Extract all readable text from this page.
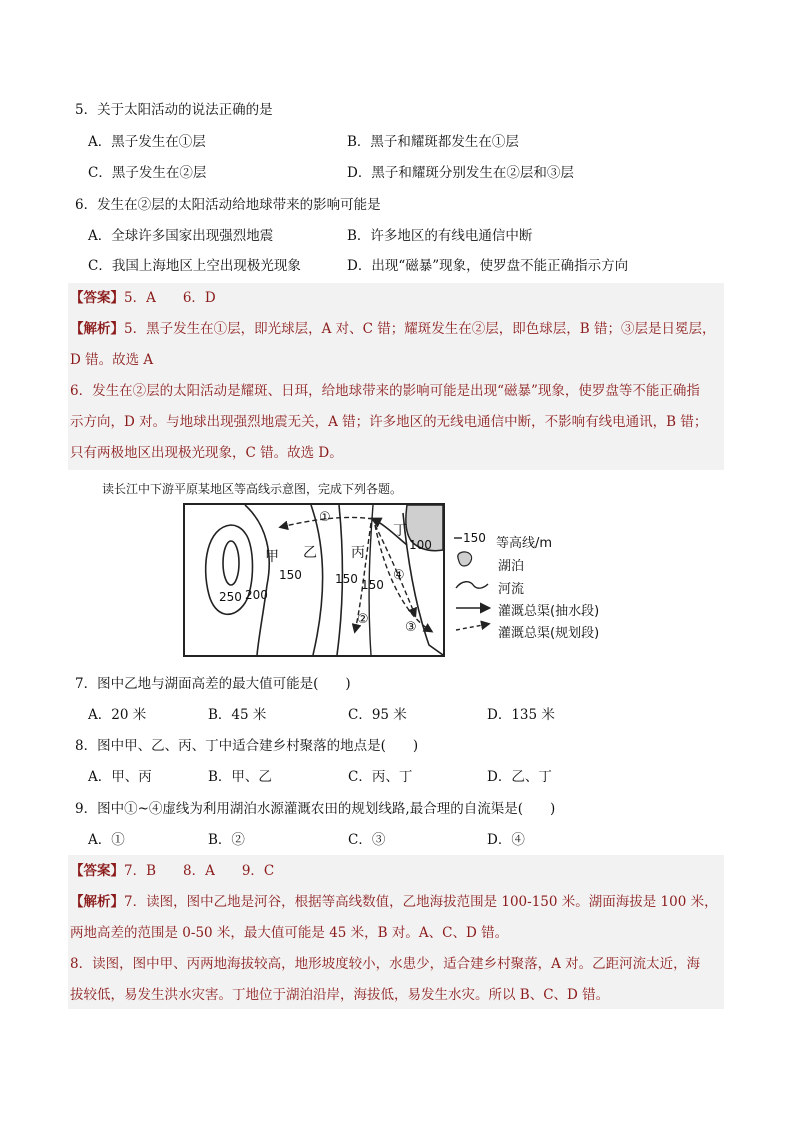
5．关于太阳活动的说法正确的是
A．黑子发生在①层	B．黑子和耀斑都发生在①层
C．黑子发生在②层	D．黑子和耀斑分别发生在②层和③层
6．发生在②层的太阳活动给地球带来的影响可能是
A．全球许多国家出现强烈地震	B．许多地区的有线电通信中断
C．我国上海地区上空出现极光现象	D．出现“磁暴”现象，使罗盘不能正确指示方向
【答案】5．A　　6．D
【解析】5．黑子发生在①层，即光球层，A 对、C 错；耀斑发生在②层，即色球层，B 错；③层是日冕层，
D 错。故选 A
6．发生在②层的太阳活动是耀斑、日珥，给地球带来的影响可能是出现“磁暴”现象，使罗盘等不能正确指
示方向，D 对。与地球出现强烈地震无关，A 错；许多地区的无线电通信中断，不影响有线电通讯，B 错；
只有两极地区出现极光现象，C 错。故选 D。
读长江中下游平原某地区等高线示意图，完成下列各题。
甲 乙 丙
丁
250 200
150	150 150
100
①
②
③
④
150 等高线/m
湖泊
河流
灌溉总渠(抽水段)
灌溉总渠(规划段)
7．图中乙地与湖面高差的最大值可能是(　　)
A．20 米	B．45 米	C．95 米	D．135 米
8．图中甲、乙、丙、丁中适合建乡村聚落的地点是(　　)
A．甲、丙	B．甲、乙	C．丙、丁	D．乙、丁
9．图中①~④虚线为利用湖泊水源灌溉农田的规划线路,最合理的自流渠是(　　)
A．①	B．②	C．③	D．④
【答案】7．B　　8．A　　9．C
【解析】7．读图，图中乙地是河谷，根据等高线数值，乙地海拔范围是 100-150 米。湖面海拔是 100 米，
两地高差的范围是 0-50 米，最大值可能是 45 米，B 对。A、C、D 错。
8．读图，图中甲、丙两地海拔较高，地形坡度较小，水患少，适合建乡村聚落，A 对。乙距河流太近，海
拔较低，易发生洪水灾害。丁地位于湖泊沿岸，海拔低，易发生水灾。所以 B、C、D 错。
